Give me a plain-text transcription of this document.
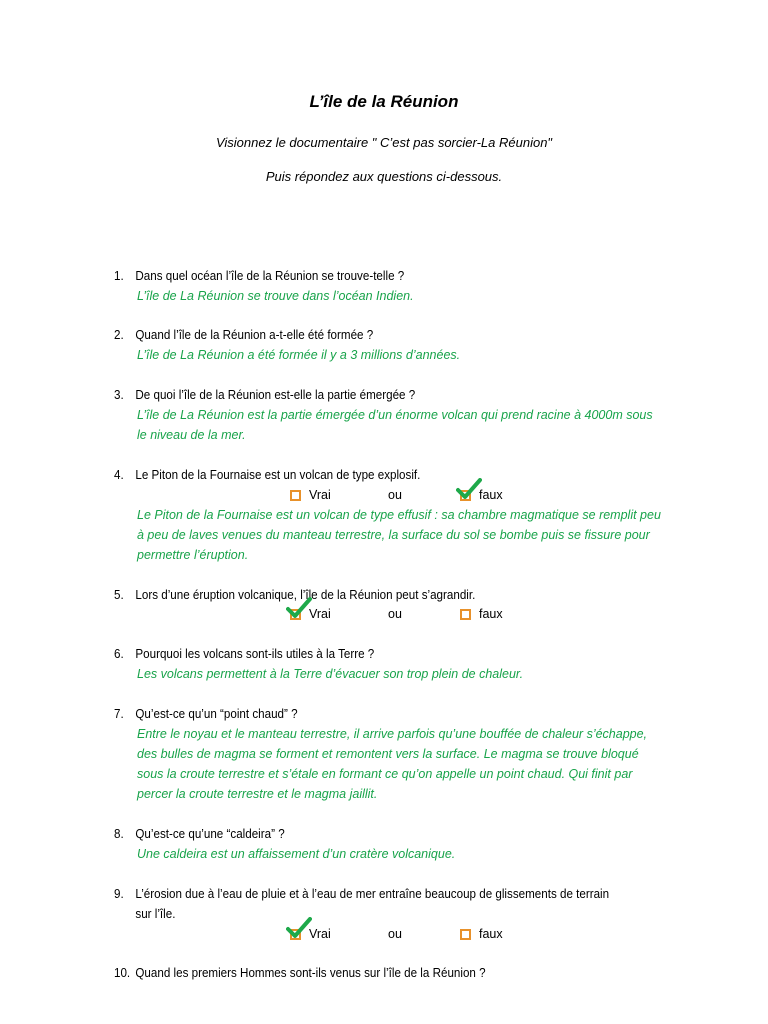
L’île de la Réunion
Visionnez le documentaire " C’est pas sorcier-La Réunion"
Puis répondez aux questions ci-dessous.
1. Dans quel océan l’île de la Réunion se trouve-telle ?
L’île de La Réunion se trouve dans l’océan Indien.
2. Quand l’île de la Réunion a-t-elle été formée ?
L’île de La Réunion a été formée il y a 3 millions d’années.
3. De quoi l’île de la Réunion est-elle la partie émergée ?
L’île de La Réunion est la partie émergée d’un énorme volcan qui prend racine à 4000m sous
le niveau de la mer.
4. Le Piton de la Fournaise est un volcan de type explosif.
Vrai	ou	faux
Le Piton de la Fournaise est un volcan de type effusif : sa chambre magmatique se remplit peu
à peu de laves venues du manteau terrestre, la surface du sol se bombe puis se fissure pour
permettre l’éruption.
5. Lors d’une éruption volcanique, l’île de la Réunion peut s’agrandir.
Vrai	ou	faux
6. Pourquoi les volcans sont-ils utiles à la Terre ?
Les volcans permettent à la Terre d’évacuer son trop plein de chaleur.
7. Qu’est-ce qu’un “point chaud” ?
Entre le noyau et le manteau terrestre, il arrive parfois qu’une bouffée de chaleur s’échappe,
des bulles de magma se forment et remontent vers la surface. Le magma se trouve bloqué
sous la croute terrestre et s’étale en formant ce qu’on appelle un point chaud. Qui finit par
percer la croute terrestre et le magma jaillit.
8. Qu’est-ce qu’une “caldeira” ?
Une caldeira est un affaissement d’un cratère volcanique.
9. L’érosion due à l’eau de pluie et à l’eau de mer entraîne beaucoup de glissements de terrain
sur l’île.
Vrai	ou	faux
10. Quand les premiers Hommes sont-ils venus sur l’île de la Réunion ?
